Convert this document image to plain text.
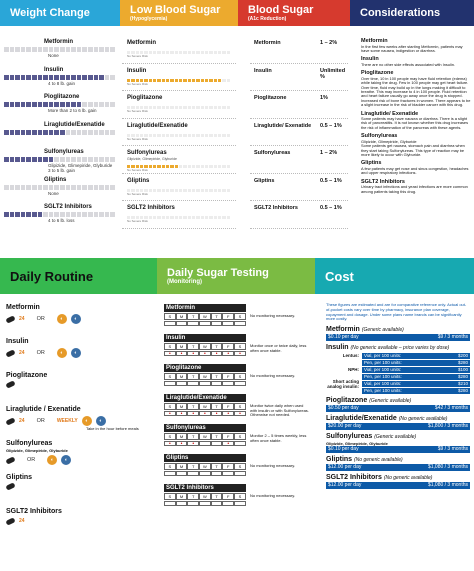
Weight Change	Low Blood Sugar
(Hypoglycemia)
Blood Sugar
(A1c Reduction)	Considerations
Metformin
None
Insulin
4 to 8 lb. gain
Pioglitazone
More than 2 to 6 lb. gain
Liraglutide/Exenatide
Sulfonylureas
Glipizide, Glimepiride, Glyburide
3 to 5 lb. gain
Gliptins
None
SGLT2 Inhibitors
4 to 6 lb. loss
Metformin
No Severe Risk
Insulin
No Severe Risk
Pioglitazone
No Severe Risk
Liraglutide/Exenatide
No Severe Risk
Sulfonylureas
Glipizide, Glimepiride, Glyburide
No Severe Risk
Gliptins
No Severe Risk
SGLT2 Inhibitors
No Severe Risk
Metformin	1 – 2%
Insulin	Unlimited %
Pioglitazone	1%
Liraglutide/ Exenatide	0.5 – 1%
Sulfonylureas	1 – 2%
Gliptins	0.5 – 1%
SGLT2 Inhibitors	0.5 – 1%
Metformin
In the first few weeks after starting Metformin, patients may have some nausea, indigestion or diarrhea.
Insulin
There are no other side effects associated with Insulin.
Pioglitazone
Over time, 10 in 100 people may have fluid retention (edema) while taking the drug. Few in 100 people may get heart failure. Over time, fluid may build up in the lungs making it difficult to breathe. This may increase to 4 in 100 people. Fluid retention and heart failure usually go away once the drug is stopped. Increased risk of bone fractures in women. There appears to be a slight increase in the risk of bladder cancer with this drug.
Liraglutide/ Exenatide
Some patients may have nausea or diarrhea. There is a slight risk of pancreatitis. It is not known whether this drug increases the risk of inflammation of the pancreas with these agents.
Sulfonylureas
Glipizide, Glimepiride, Glyburide
Some patients get nausea, stomach pain and diarrhea when they start taking Sulfonylureas. This type of reaction may be more likely to occur with Glyburide.
Gliptins
A few patients may get nose and sinus congestion, headaches and upper respiratory infections.
SGLT2 Inhibitors
Urinary tract infections and yeast infections are more common among patients taking this drug.
Daily Routine	Daily Sugar Testing
(Monitoring)	Cost
Metformin
24 OR	◐	◐
Insulin
24 OR	◐	◐
Pioglitazone
Liraglutide / Exenatide
24 OR WEEKLY	◐	◐
Take in the hour before meals
Sulfonylureas
Glipizide, Glimepiride, Glyburide
OR	◐	◐
Gliptins
SGLT2 Inhibitors
24
Metformin
S	M	T	W	T	F	S	No monitoring necessary.
Insulin
S	M	T	W	T	F	S
•	•	•	•	•	•	•
Monitor once or twice daily, less often once stable.
Pioglitazone
S	M	T	W	T	F	S	No monitoring necessary.
Liraglutide/Exenatide
S	M	T	W	T	F	S
•	•	•	•	•	•	•
Monitor twice daily when used with insulin or with Sulfonylureas. Otherwise not needed.
Sulfonylureas
S	M	T	W	T	F	S
•	•	•	•
Monitor 2 – 5 times weekly, less often once stable.
Gliptins
S	M	T	W	T	F	S	No monitoring necessary.
SGLT2 Inhibitors
S	M	T	W	T	F	S	No monitoring necessary.
These figures are estimated and are for comparative reference only. Actual out-of-pocket costs vary over time by pharmacy, insurance plan coverage, copayment and dosage. Under some plans name brands can be significantly more costly.
Metformin (Generic available)
$0.10 per day	$9 / 3 months
Insulin (No generic available – price varies by dose)
Lentus:	Vial, per 100 units:	$200
Pen, per 100 units:	$280
NPH:	Vial, per 100 units:	$100
Pen, per 100 units:	$280
Short acting analog insulin:
Vial, per 100 units:	$210
Pen, per 100 units:	$280
Pioglitazone (Generic available)
$0.50 per day	$42 / 3 months
Liraglutide/Exenatide (No generic available)
$20.00 per day	$1,800 / 3 months
Sulfonylureas (Generic available)
Glipizide, Glimepiride, Glyburide
$0.10 per day	$9 / 3 months
Gliptins (No generic available)
$12.00 per day	$1,080 / 3 months
SGLT2 Inhibitors (No generic available)
$12.00 per day	$1,080 / 3 months
